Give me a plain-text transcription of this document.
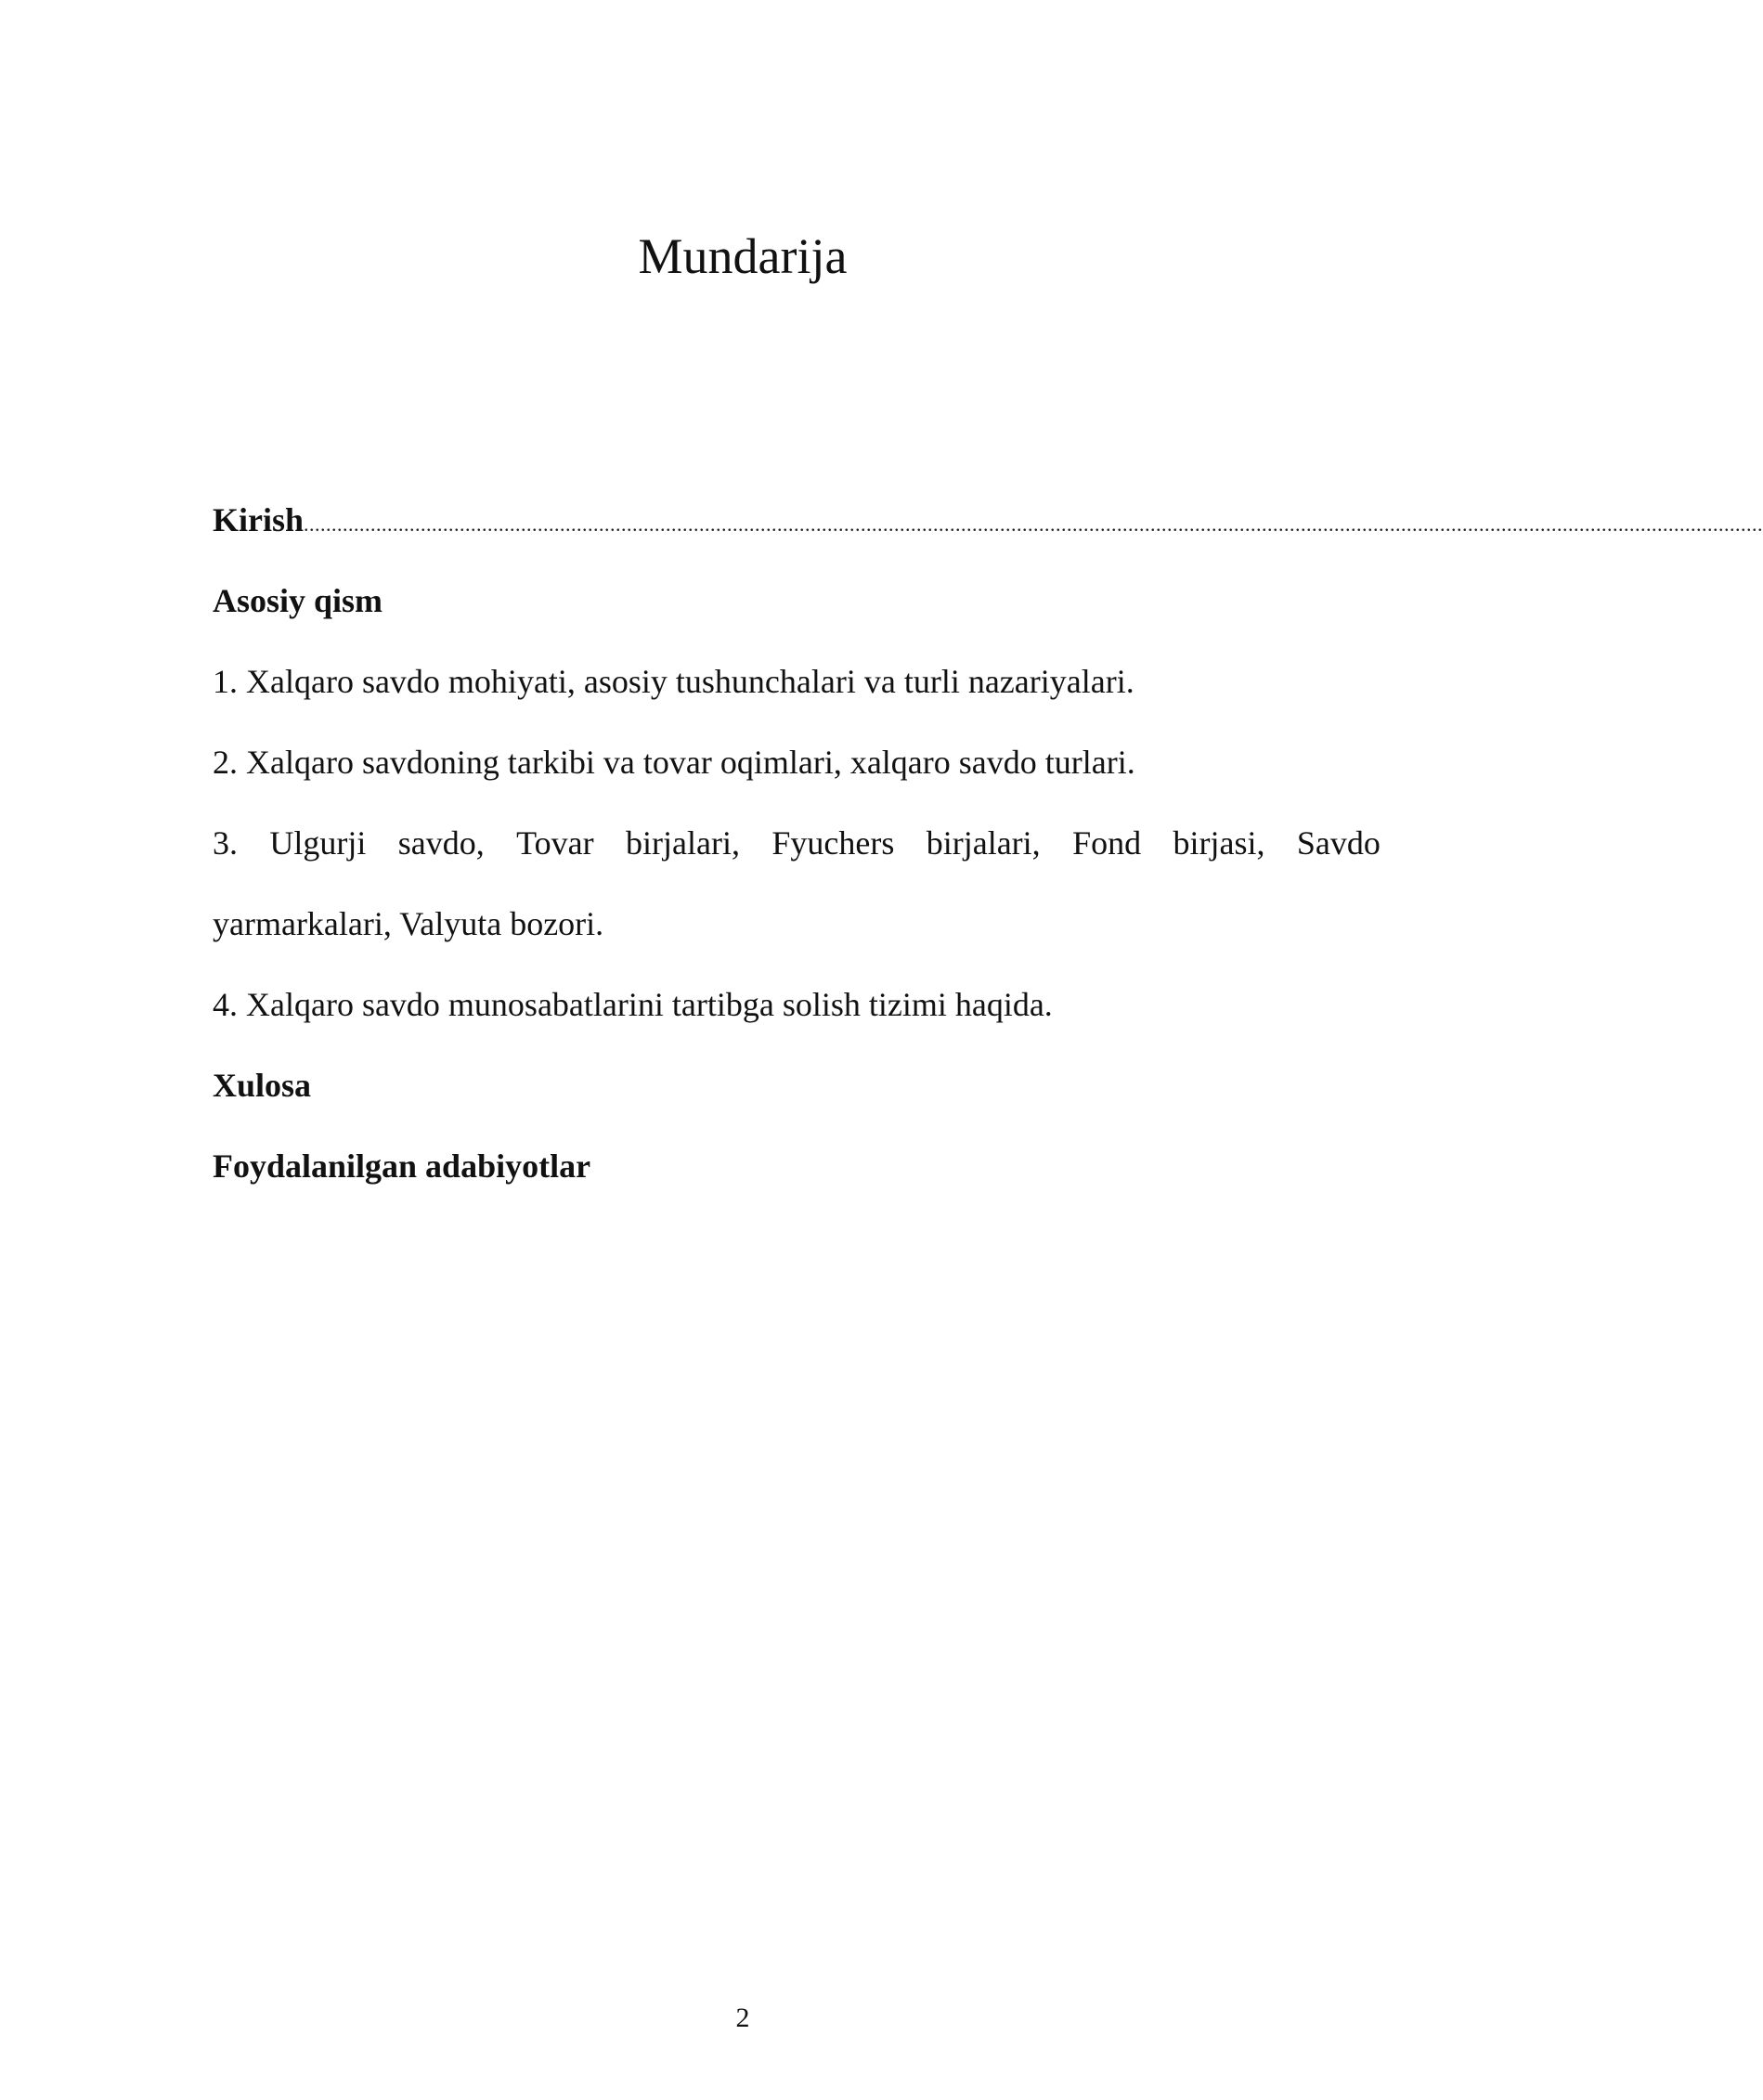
Mundarija
Kirish ......................................................................................................................................................................................................................................................................
Asosiy qism
1. Xalqaro savdo mohiyati, asosiy tushunchalari va turli nazariyalari.
2. Xalqaro savdoning tarkibi va tovar oqimlari, xalqaro savdo turlari.
3. Ulgurji savdo, Tovar birjalari, Fyuchers birjalari, Fond birjasi, Savdo
yarmarkalari, Valyuta bozori.
4. Xalqaro savdo munosabatlarini tartibga solish tizimi haqida.
Xulosa
Foydalanilgan adabiyotlar
2
